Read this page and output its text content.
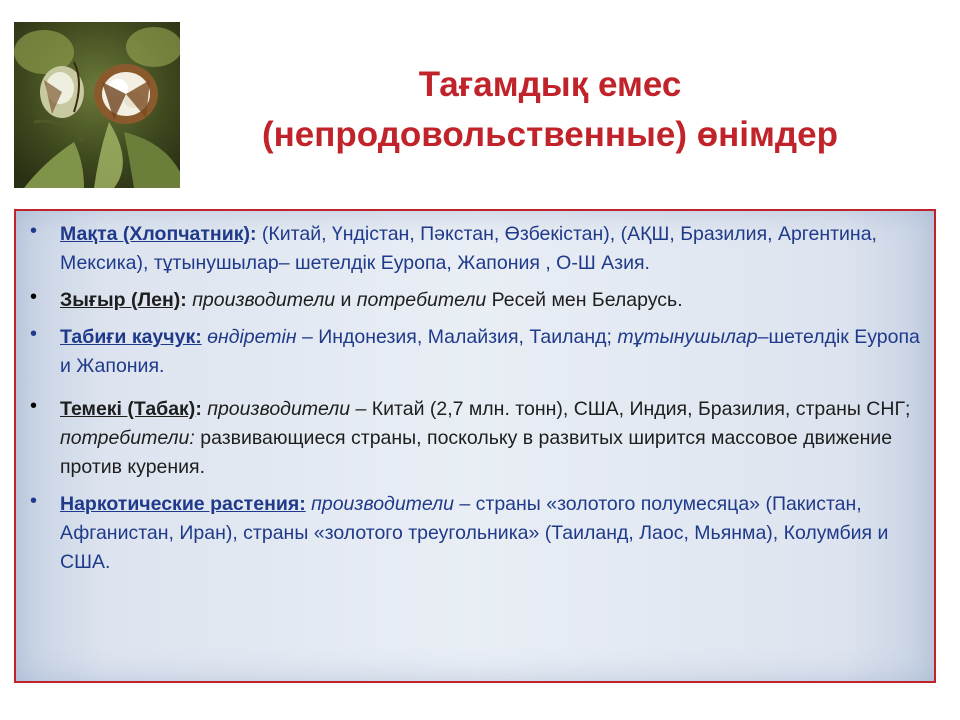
Тағамдық емес
(непродовольственные) өнімдер
• Мақта (Хлопчатник): (Китай, Үндістан, Пәкстан, Өзбекістан), (АҚШ, Бразилия, Аргентина, Мексика), тұтынушылар– шетелдік Еуропа, Жапония , О-Ш Азия.
• Зығыр (Лен): производители и потребители Ресей мен Беларусь.
• Табиғи каучук: өндіретін – Индонезия, Малайзия, Таиланд; тұтынушылар–шетелдік Еуропа и Жапония.
• Темекі (Табак): производители – Китай (2,7 млн. тонн), США, Индия, Бразилия, страны СНГ; потребители: развивающиеся страны, поскольку в развитых ширится массовое движение против курения.
• Наркотические растения: производители – страны «золотого полумесяца» (Пакистан, Афганистан, Иран), страны «золотого треугольника» (Таиланд, Лаос, Мьянма), Колумбия и США.
